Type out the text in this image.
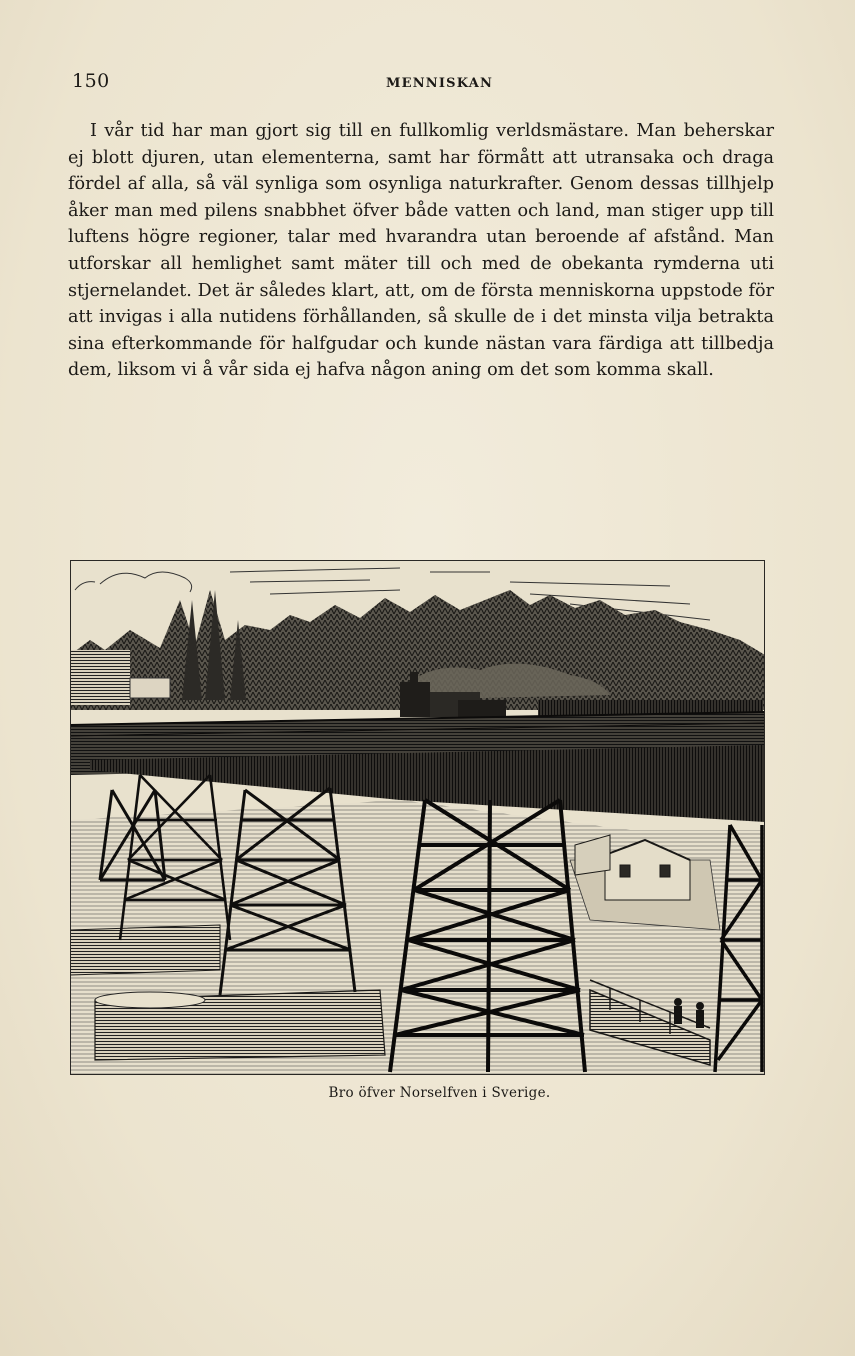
150	MENNISKAN

I vår tid har man gjort sig till en fullkomlig verldsmästare. Man beherskar ej blott djuren, utan elementerna, samt har förmått att utransaka och draga fördel af alla, så väl synliga som osynliga naturkrafter. Genom dessas tillhjelp åker man med pilens snabbhet öfver både vatten och land, man stiger upp till luftens högre regioner, talar med hvarandra utan beroende af afstånd. Man utforskar all hemlighet samt mäter till och med de obekanta rymderna uti stjernelandet. Det är således klart, att, om de första menniskorna uppstode för att invigas i alla nutidens förhållanden, så skulle de i det minsta vilja betrakta sina efterkommande för halfgudar och kunde nästan vara färdiga att tillbedja dem, liksom vi å vår sida ej hafva någon aning om det som komma skall.

Bro öfver Norselfven i Sverige.
